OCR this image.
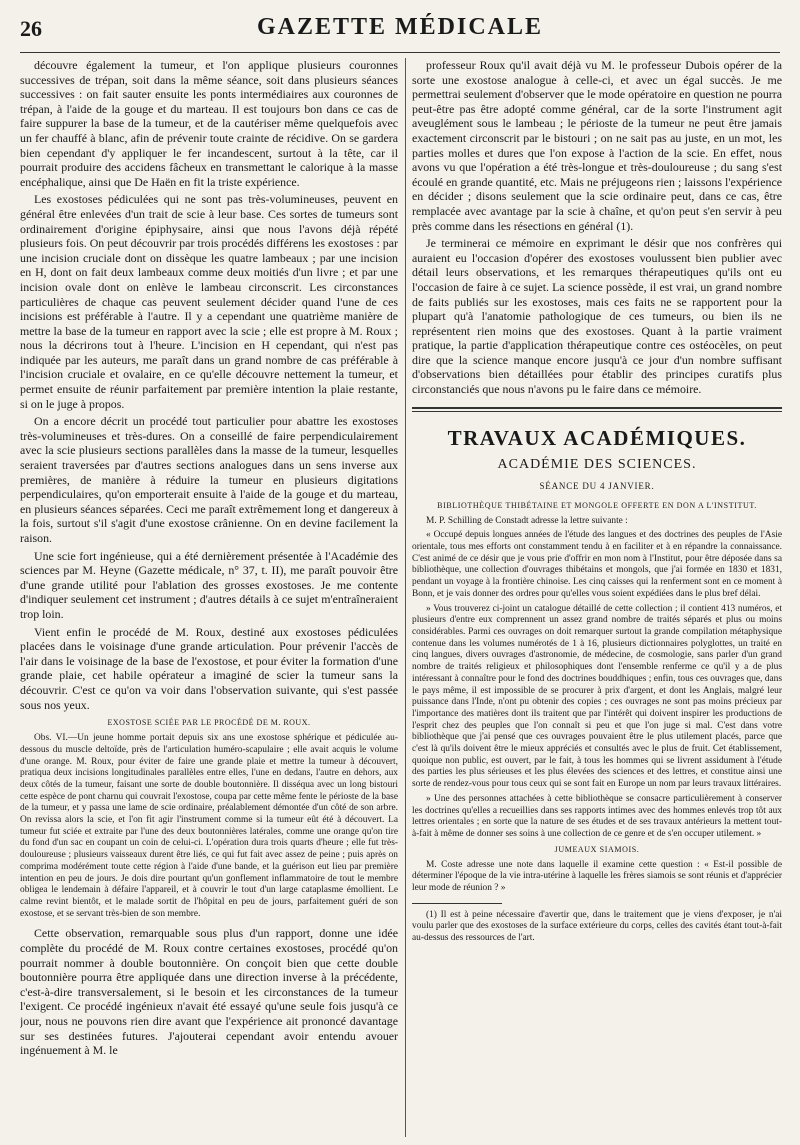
26	GAZETTE MÉDICALE

découvre également la tumeur, et l'on applique plusieurs couronnes successives de trépan, soit dans la même séance, soit dans plusieurs séances successives : on fait sauter ensuite les ponts intermédiaires aux couronnes de trépan, à l'aide de la gouge et du marteau. Il est toujours bon dans ce cas de faire suppurer la base de la tumeur, et de la cautériser même quelquefois avec un fer chauffé à blanc, afin de prévenir toute crainte de récidive. On se gardera bien cependant d'y appliquer le fer incandescent, surtout à la tête, car il pourrait produire des accidens fâcheux en transmettant le calorique à la masse encéphalique, ainsi que De Haën en fit la triste expérience.

Les exostoses pédiculées qui ne sont pas très-volumineuses, peuvent en général être enlevées d'un trait de scie à leur base. Ces sortes de tumeurs sont ordinairement d'origine épiphysaire, ainsi que nous l'avons déjà répété plusieurs fois. On peut découvrir par trois procédés différens les exostoses : par une incision cruciale dont on dissèque les quatre lambeaux ; par une incision en H, dont on fait deux lambeaux comme deux moitiés d'un livre ; et par une incision ovale dont on enlève le lambeau circonscrit. Les circonstances particulières de chaque cas peuvent seulement décider quand l'une de ces incisions est préférable à l'autre. Il y a cependant une quatrième manière de mettre la base de la tumeur en rapport avec la scie ; elle est propre à M. Roux ; nous la décrirons tout à l'heure. L'incision en H cependant, qui n'est pas indiquée par les auteurs, me paraît dans un grand nombre de cas préférable à l'incision cruciale et ovalaire, en ce qu'elle découvre nettement la tumeur, et permet ensuite de réunir parfaitement par première intention la plaie restante, si on le juge à propos.

On a encore décrit un procédé tout particulier pour abattre les exostoses très-volumineuses et très-dures. On a conseillé de faire perpendiculairement avec la scie plusieurs sections parallèles dans la masse de la tumeur, lesquelles seraient traversées par d'autres sections analogues dans un sens inverse aux premières, de manière à réduire la tumeur en plusieurs digitations perpendiculaires, qu'on emporterait ensuite à l'aide de la gouge et du marteau, en plusieurs séances séparées. Ceci me paraît extrêmement long et dangereux à la fois, surtout s'il s'agit d'une exostose crânienne. On en devine facilement la raison.

Une scie fort ingénieuse, qui a été dernièrement présentée à l'Académie des sciences par M. Heyne (Gazette médicale, n° 37, t. II), me paraît pouvoir être d'une grande utilité pour l'ablation des grosses exostoses. Je me contente d'indiquer seulement cet instrument ; d'autres détails à ce sujet m'entraîneraient trop loin.

Vient enfin le procédé de M. Roux, destiné aux exostoses pédiculées placées dans le voisinage d'une grande articulation. Pour prévenir l'accès de l'air dans le voisinage de la base de l'exostose, et pour éviter la formation d'une grande plaie, cet habile opérateur a imaginé de scier la tumeur sans la découvrir. C'est ce qu'on va voir dans l'observation suivante, qui s'est passée sous nos yeux.

EXOSTOSE SCIÉE PAR LE PROCÉDÉ DE M. ROUX.

Obs. VI.—Un jeune homme portait depuis six ans une exostose sphérique et pédiculée au-dessous du muscle deltoïde, près de l'articulation huméro-scapulaire ; elle avait acquis le volume d'une orange. M. Roux, pour éviter de faire une grande plaie et mettre la tumeur à découvert, pratiqua deux incisions longitudinales parallèles entre elles, l'une en dedans, l'autre en dehors, aux deux côtés de la tumeur, faisant une sorte de double boutonnière. Il disséqua avec un long bistouri cette espèce de pont charnu qui couvrait l'exostose, coupa par cette même fente le périoste de la base de la tumeur, et y passa une lame de scie ordinaire, préalablement démontée d'un côté de son arbre. On revissa alors la scie, et l'on fit agir l'instrument comme si la tumeur eût été à découvert. La tumeur fut sciée et extraite par l'une des deux boutonnières latérales, comme une orange qu'on tire du fond d'un sac en coupant un coin de celui-ci. L'opération dura trois quarts d'heure ; elle fut très-douloureuse ; plusieurs vaisseaux durent être liés, ce qui fut fait avec assez de peine ; puis après on comprima modérément toute cette région à l'aide d'une bande, et la guérison eut lieu par première intention en peu de jours. Je dois dire pourtant qu'un gonflement inflammatoire de tout le membre obligea le lendemain à défaire l'appareil, et à couvrir le tout d'un large cataplasme émollient. Le calme revint bientôt, et le malade sortit de l'hôpital en peu de jours, parfaitement guéri de son exostose, et se servant très-bien de son membre.

Cette observation, remarquable sous plus d'un rapport, donne une idée complète du procédé de M. Roux contre certaines exostoses, procédé qu'on pourrait nommer à double boutonnière. On conçoit bien que cette double boutonnière pourra être appliquée dans une direction inverse à la précédente, c'est-à-dire transversalement, si le besoin et les circonstances de la tumeur l'exigent. Ce procédé ingénieux n'avait été essayé qu'une seule fois jusqu'à ce jour, nous ne pouvons rien dire avant que l'expérience ait prononcé davantage sur ses destinées futures. J'ajouterai cependant avoir entendu avouer ingénuement à M. le

professeur Roux qu'il avait déjà vu M. le professeur Dubois opérer de la sorte une exostose analogue à celle-ci, et avec un égal succès. Je me permettrai seulement d'observer que le mode opératoire en question ne pourra peut-être pas être adopté comme général, car de la sorte l'instrument agit aveuglément sous le lambeau ; le périoste de la tumeur ne peut être jamais exactement circonscrit par le bistouri ; on ne sait pas au juste, en un mot, les parties molles et dures que l'on expose à l'action de la scie. En effet, nous avons vu que l'opération a été très-longue et très-douloureuse ; du sang s'est écoulé en grande quantité, etc. Mais ne préjugeons rien ; laissons l'expérience en décider ; disons seulement que la scie ordinaire peut, dans ce cas, être remplacée avec avantage par la scie à chaîne, et qu'on peut s'en servir à peu près comme dans les résections en général (1).

Je terminerai ce mémoire en exprimant le désir que nos confrères qui auraient eu l'occasion d'opérer des exostoses voulussent bien publier avec détail leurs observations, et les remarques thérapeutiques qu'ils ont eu l'occasion de faire à ce sujet. La science possède, il est vrai, un grand nombre de faits publiés sur les exostoses, mais ces faits ne se rapportent pour la plupart qu'à l'anatomie pathologique de ces tumeurs, ou bien ils ne représentent rien moins que des exostoses. Quant à la partie vraiment pratique, la partie d'application thérapeutique contre ces ostéocèles, on peut dire que la science manque encore jusqu'à ce jour d'un nombre suffisant d'observations bien détaillées pour établir des principes curatifs plus circonstanciés que nous n'avons pu le faire dans ce mémoire.

TRAVAUX ACADÉMIQUES.
ACADÉMIE DES SCIENCES.
SÉANCE DU 4 JANVIER.
BIBLIOTHÈQUE THIBÉTAINE ET MONGOLE OFFERTE EN DON A L'INSTITUT.

M. P. Schilling de Constadt adresse la lettre suivante :

« Occupé depuis longues années de l'étude des langues et des doctrines des peuples de l'Asie orientale, tous mes efforts ont constamment tendu à en faciliter et à en répandre la connaissance. C'est animé de ce désir que je vous prie d'offrir en mon nom à l'Institut, pour être déposée dans sa bibliothèque, une collection d'ouvrages thibétains et mongols, que j'ai formée en 1830 et 1831, pendant un voyage à la frontière chinoise. Les cinq caisses qui la renferment sont en ce moment à Bonn, et je vais donner des ordres pour qu'elles vous soient expédiées dans le plus bref délai.

» Vous trouverez ci-joint un catalogue détaillé de cette collection ; il contient 413 numéros, et plusieurs d'entre eux comprennent un assez grand nombre de traités séparés et plus ou moins considérables. Parmi ces ouvrages on doit remarquer surtout la grande compilation métaphysique contenue dans les volumes numérotés de 1 à 16, plusieurs dictionnaires polyglottes, un traité en cinq langues, divers ouvrages d'astronomie, de médecine, de cosmologie, sans parler d'un grand nombre de traités religieux et philosophiques dont l'ensemble renferme ce qu'il y a de plus intéressant à connaître pour le fond des doctrines bouddhiques ; enfin, tous ces ouvrages que, dans le pays même, il est impossible de se procurer à prix d'argent, et dont les Anglais, malgré leur puissance dans l'Inde, n'ont pu obtenir des copies ; ces ouvrages ne sont pas moins précieux par l'importance des matières dont ils traitent que par l'intérêt qui doivent inspirer les productions de l'esprit chez des peuples que l'on connaît si peu et que l'on juge si mal. C'est dans votre bibliothèque que j'ai pensé que ces ouvrages pouvaient être le plus utilement placés, parce que c'est là qu'ils doivent être le mieux appréciés et consultés avec le plus de fruit. Cet établissement, quoique non public, est ouvert, par le fait, à tous les hommes qui se livrent assidument à l'étude des parties les plus sérieuses et les plus élevées des sciences et des lettres, et constitue ainsi une sorte de rendez-vous pour tous ceux qui se sont fait en Europe un nom par leurs travaux littéraires.

» Une des personnes attachées à cette bibliothèque se consacre particulièrement à conserver les doctrines qu'elles a recueillies dans ses rapports intimes avec des hommes enlevés trop tôt aux lettres orientales ; en sorte que la nature de ses études et de ses travaux antérieurs la mettent tout-à-fait à même de donner ses soins à une collection de ce genre et de s'en occuper utilement. »

JUMEAUX SIAMOIS.

M. Coste adresse une note dans laquelle il examine cette question : « Est-il possible de déterminer l'époque de la vie intra-utérine à laquelle les frères siamois se sont réunis et d'apprécier leur mode de réunion ? »

(1) Il est à peine nécessaire d'avertir que, dans le traitement que je viens d'exposer, je n'ai voulu parler que des exostoses de la surface extérieure du corps, celles des cavités étant tout-à-fait au-dessus des ressources de l'art.
